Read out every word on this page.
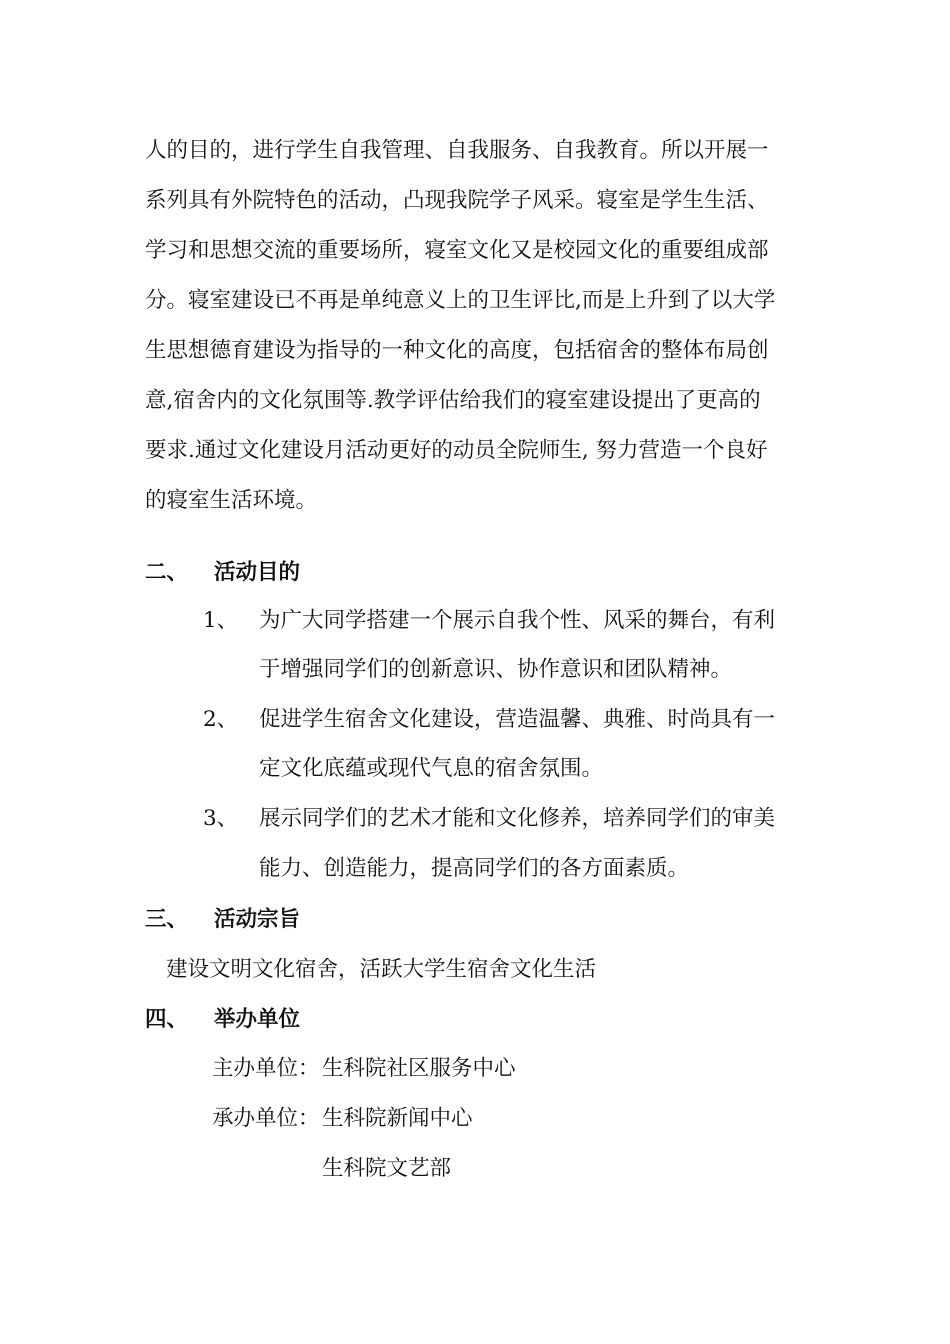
人的目的，进行学生自我管理、自我服务、自我教育。所以开展一
系列具有外院特色的活动，凸现我院学子风采。寝室是学生生活、
学习和思想交流的重要场所，寝室文化又是校园文化的重要组成部
分。寝室建设已不再是单纯意义上的卫生评比,而是上升到了以大学
生思想德育建设为指导的一种文化的高度，包括宿舍的整体布局创
意,宿舍内的文化氛围等.教学评估给我们的寝室建设提出了更高的
要求.通过文化建设月活动更好的动员全院师生, 努力营造一个良好
的寝室生活环境。
二、 活动目的
1、 为广大同学搭建一个展示自我个性、风采的舞台，有利
于增强同学们的创新意识、协作意识和团队精神。
2、 促进学生宿舍文化建设，营造温馨、典雅、时尚具有一
定文化底蕴或现代气息的宿舍氛围。
3、 展示同学们的艺术才能和文化修养，培养同学们的审美
能力、创造能力，提高同学们的各方面素质。
三、 活动宗旨
建设文明文化宿舍，活跃大学生宿舍文化生活
四、 举办单位
主办单位： 生科院社区服务中心
承办单位： 生科院新闻中心
生科院文艺部
